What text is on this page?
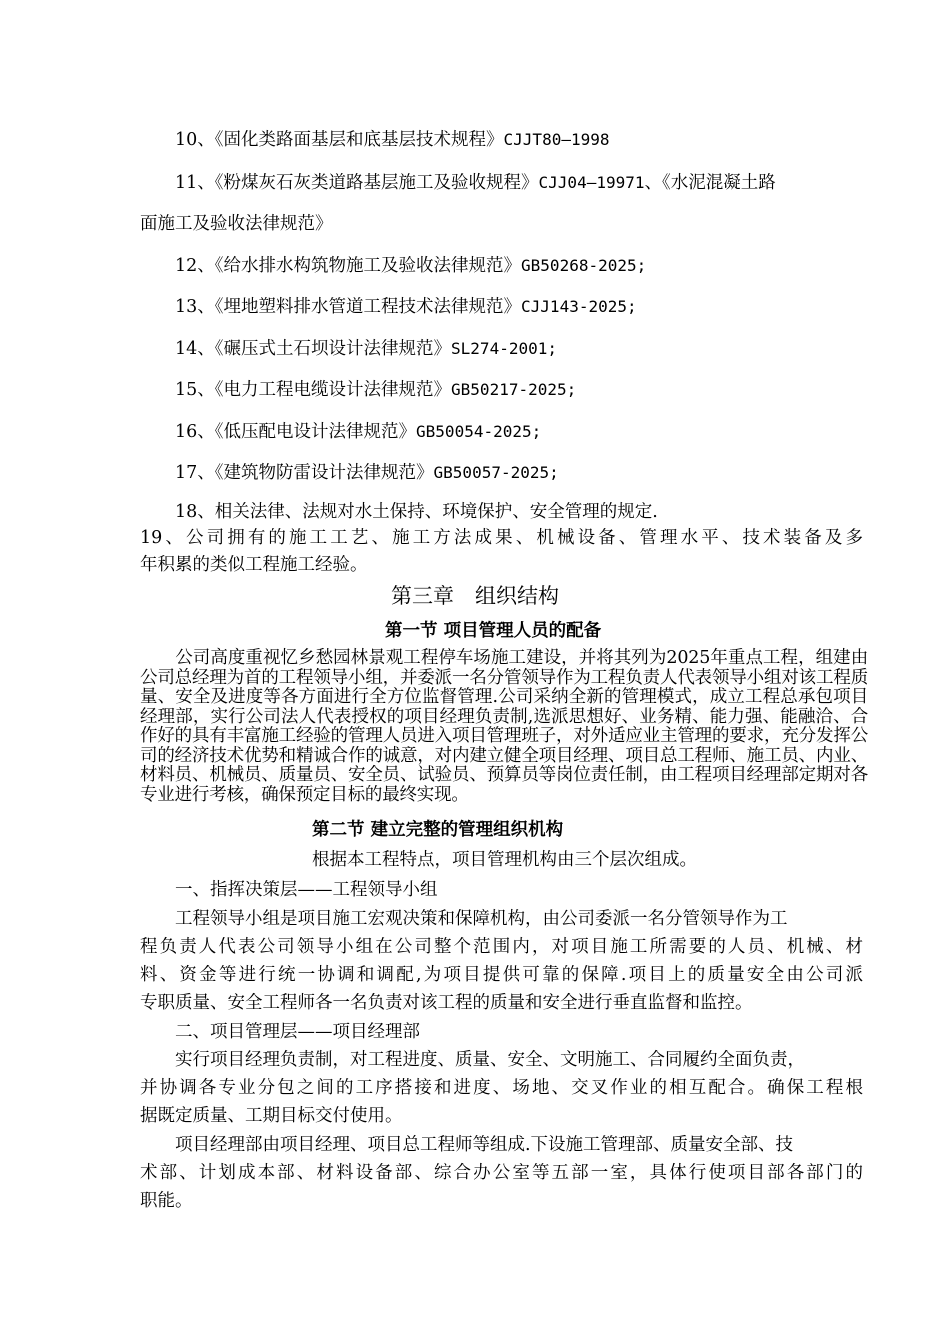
10、《固化类路面基层和底基层技术规程》CJJT80—1998
11、《粉煤灰石灰类道路基层施工及验收规程》CJJ04—19971、《水泥混凝土路
面施工及验收法律规范》
12、《给水排水构筑物施工及验收法律规范》GB50268-2025;
13、《埋地塑料排水管道工程技术法律规范》CJJ143-2025;
14、《碾压式土石坝设计法律规范》SL274-2001;
15、《电力工程电缆设计法律规范》GB50217-2025;
16、《低压配电设计法律规范》GB50054-2025;
17、《建筑物防雷设计法律规范》GB50057-2025;
18、相关法律、法规对水土保持、环境保护、安全管理的规定.
19、公司拥有的施工工艺、施工方法成果、机械设备、管理水平、技术装备及多
年积累的类似工程施工经验。
第三章　组织结构
第一节 项目管理人员的配备
公司高度重视忆乡愁园林景观工程停车场施工建设，并将其列为2025年重点工程，组建由公司总经理为首的工程领导小组，并委派一名分管领导作为工程负责人代表领导小组对该工程质量、安全及进度等各方面进行全方位监督管理.公司采纳全新的管理模式，成立工程总承包项目经理部，实行公司法人代表授权的项目经理负责制,选派思想好、业务精、能力强、能融洽、合作好的具有丰富施工经验的管理人员进入项目管理班子，对外适应业主管理的要求，充分发挥公司的经济技术优势和精诚合作的诚意，对内建立健全项目经理、项目总工程师、施工员、内业、材料员、机械员、质量员、安全员、试验员、预算员等岗位责任制，由工程项目经理部定期对各专业进行考核，确保预定目标的最终实现。
第二节 建立完整的管理组织机构
根据本工程特点，项目管理机构由三个层次组成。
一、指挥决策层——工程领导小组
工程领导小组是项目施工宏观决策和保障机构，由公司委派一名分管领导作为工
程负责人代表公司领导小组在公司整个范围内，对项目施工所需要的人员、机械、材
料、资金等进行统一协调和调配,为项目提供可靠的保障.项目上的质量安全由公司派
专职质量、安全工程师各一名负责对该工程的质量和安全进行垂直监督和监控。
二、项目管理层——项目经理部
实行项目经理负责制，对工程进度、质量、安全、文明施工、合同履约全面负责，
并协调各专业分包之间的工序搭接和进度、场地、交叉作业的相互配合。确保工程根
据既定质量、工期目标交付使用。
项目经理部由项目经理、项目总工程师等组成.下设施工管理部、质量安全部、技
术部、计划成本部、材料设备部、综合办公室等五部一室，具体行使项目部各部门的
职能。
